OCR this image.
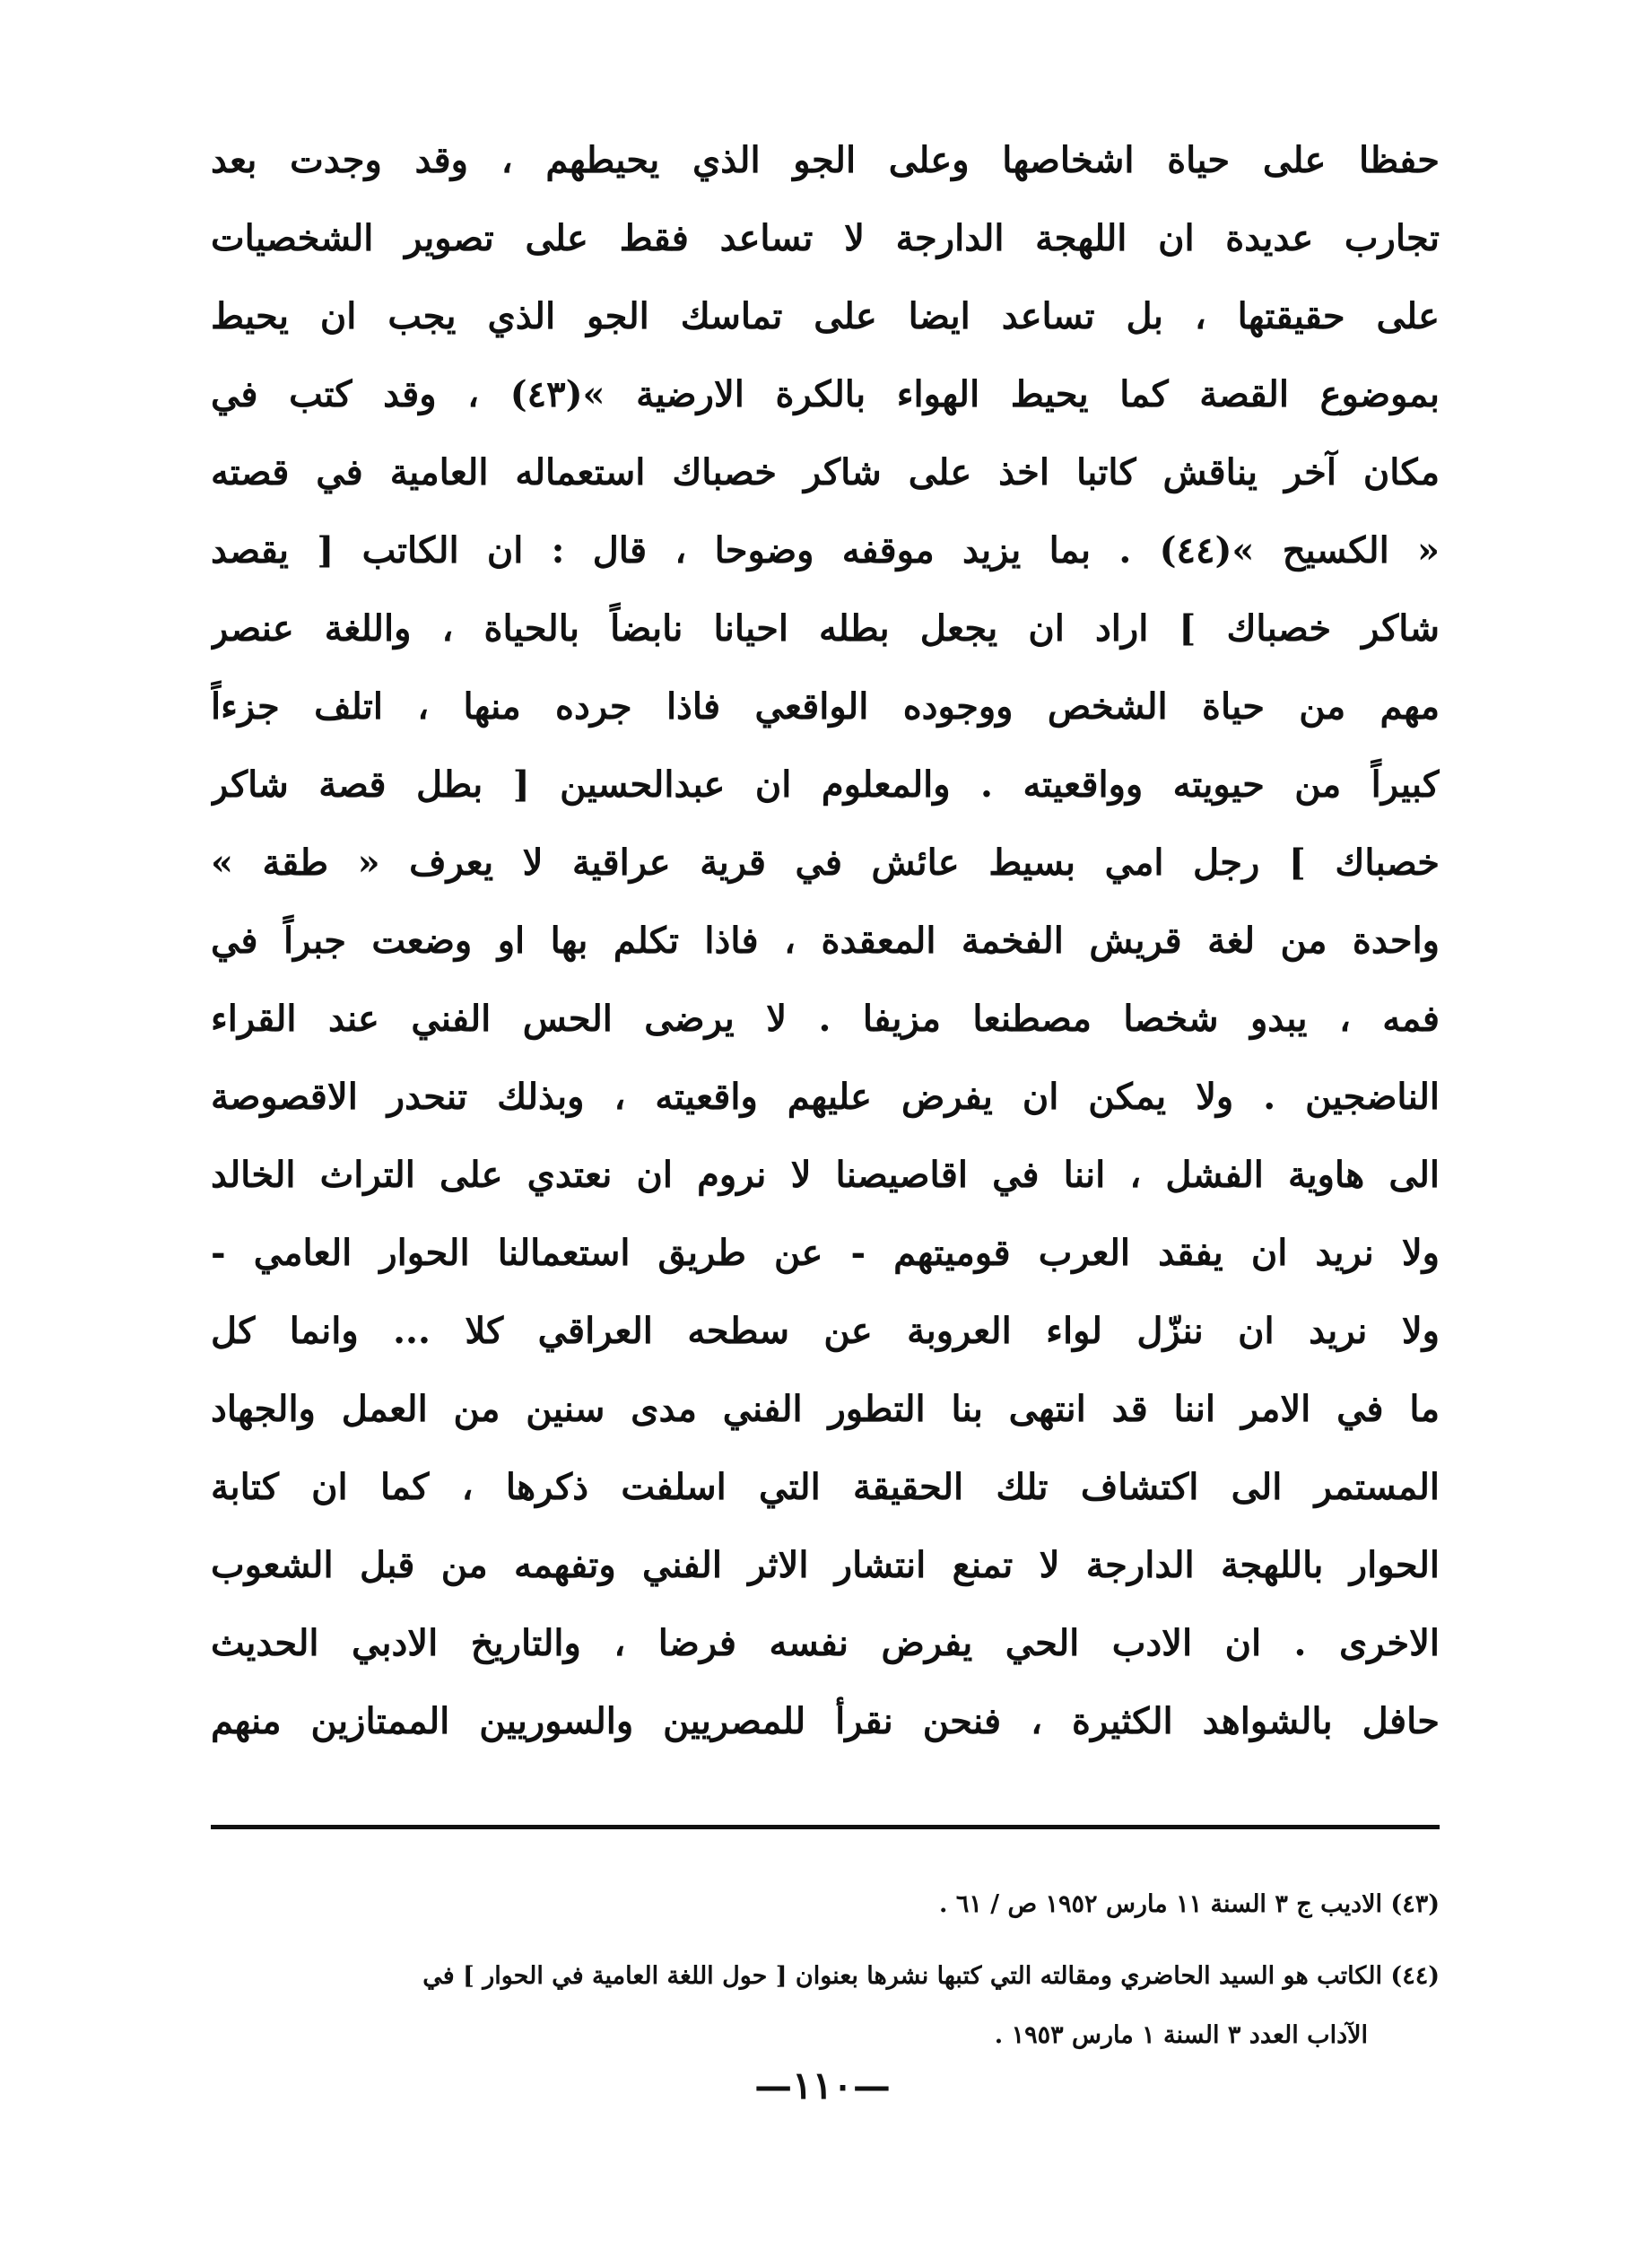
حفظا على حياة اشخاصها وعلى الجو الذي يحيطهم ، وقد وجدت بعد
تجارب عديدة ان اللهجة الدارجة لا تساعد فقط على تصوير الشخصيات
على حقيقتها ، بل تساعد ايضا على تماسك الجو الذي يجب ان يحيط
بموضوع القصة كما يحيط الهواء بالكرة الارضية »(٤٣) ، وقد كتب في
مكان آخر يناقش كاتبا اخذ على شاكر خصباك استعماله العامية في قصته
« الكسيح »(٤٤) . بما يزيد موقفه وضوحا ، قال : ان الكاتب [ يقصد
شاكر خصباك ] اراد ان يجعل بطله احيانا نابضاً بالحياة ، واللغة عنصر
مهم من حياة الشخص ووجوده الواقعي فاذا جرده منها ، اتلف جزءاً
كبيراً من حيويته وواقعيته . والمعلوم ان عبدالحسين [ بطل قصة شاكر
خصباك ] رجل امي بسيط عائش في قرية عراقية لا يعرف « طقة »
واحدة من لغة قريش الفخمة المعقدة ، فاذا تكلم بها او وضعت جبراً في
فمه ، يبدو شخصا مصطنعا مزيفا . لا يرضى الحس الفني عند القراء
الناضجين . ولا يمكن ان يفرض عليهم واقعيته ، وبذلك تنحدر الاقصوصة
الى هاوية الفشل ، اننا في اقاصيصنا لا نروم ان نعتدي على التراث الخالد
ولا نريد ان يفقد العرب قوميتهم - عن طريق استعمالنا الحوار العامي -
ولا نريد ان ننزّل لواء العروبة عن سطحه العراقي كلا ... وانما كل
ما في الامر اننا قد انتهى بنا التطور الفني مدى سنين من العمل والجهاد
المستمر الى اكتشاف تلك الحقيقة التي اسلفت ذكرها ، كما ان كتابة
الحوار باللهجة الدارجة لا تمنع انتشار الاثر الفني وتفهمه من قبل الشعوب
الاخرى . ان الادب الحي يفرض نفسه فرضا ، والتاريخ الادبي الحديث
حافل بالشواهد الكثيرة ، فنحن نقرأ للمصريين والسوريين الممتازين منهم
(٤٣) الاديب ج ٣ السنة ١١ مارس ١٩٥٢ ص / ٦١ .
(٤٤) الكاتب هو السيد الحاضري ومقالته التي كتبها نشرها بعنوان [ حول اللغة العامية في الحوار ] في
الآداب العدد ٣ السنة ١ مارس ١٩٥٣ .
—١١٠—
